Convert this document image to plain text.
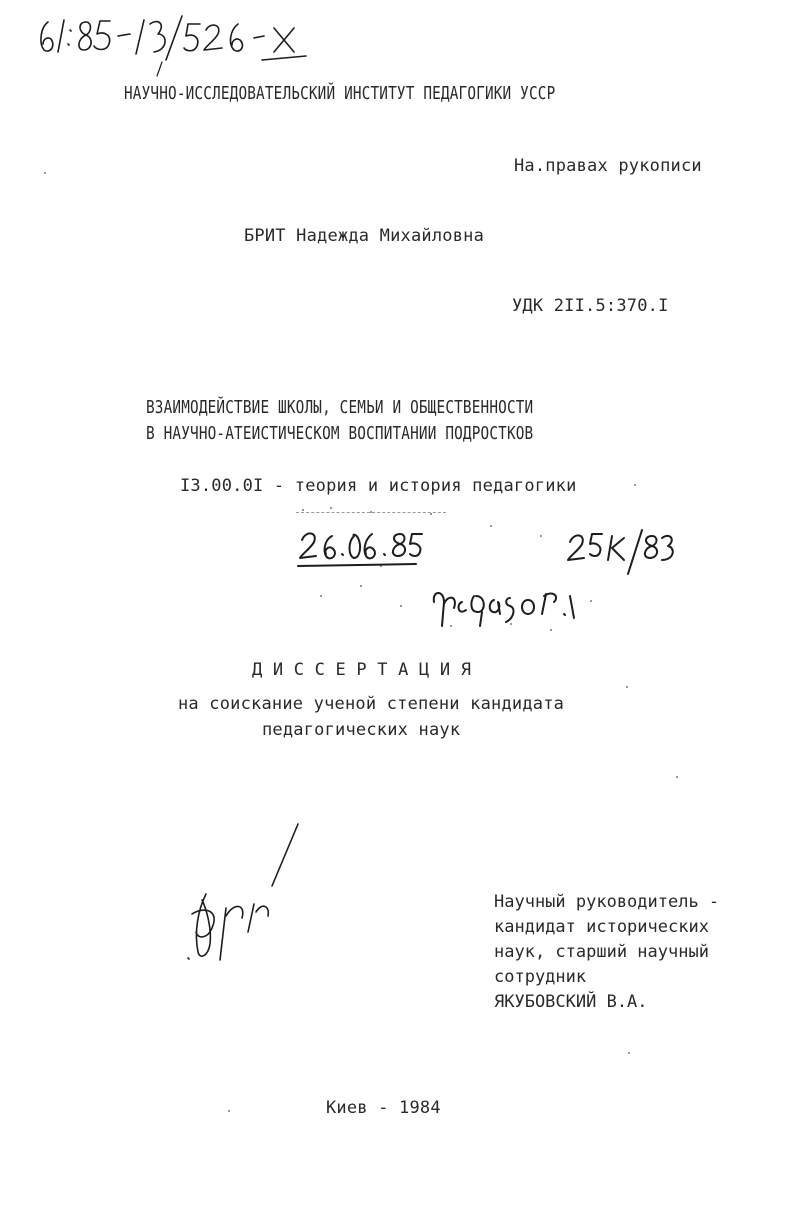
НАУЧНО-ИССЛЕДОВАТЕЛЬСКИЙ ИНСТИТУТ ПЕДАГОГИКИ УССР
На.правах рукописи
БРИТ Надежда Михайловна
УДК 2II.5:370.I
ВЗАИМОДЕЙСТВИЕ ШКОЛЫ, СЕМЬИ И ОБЩЕСТВЕННОСТИ
В НАУЧНО-АТЕИСТИЧЕСКОМ ВОСПИТАНИИ ПОДРОСТКОВ
I3.00.0I - теория и история педагогики
Д И С С Е Р Т А Ц И Я
на соискание ученой степени кандидата
педагогических наук
Научный руководитель -
кандидат исторических
наук, старший научный
сотрудник
ЯКУБОВСКИЙ В.А.
Киев - 1984
